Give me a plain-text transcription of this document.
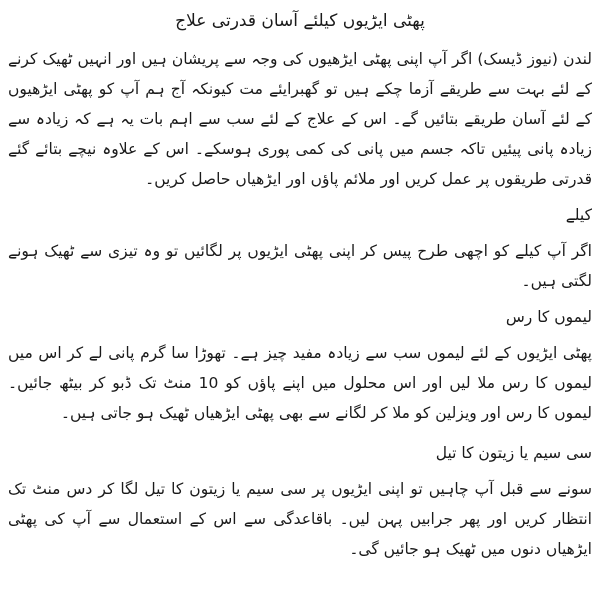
پھٹی ایڑیوں کیلئے آسان قدرتی علاج

لندن (نیوز ڈیسک) اگر آپ اپنی پھٹی ایڑھیوں کی وجہ سے پریشان ہیں اور انہیں ٹھیک کرنے کے لئے بہت سے طریقے آزما چکے ہیں تو گھبرایئے مت کیونکہ آج ہم آپ کو پھٹی ایڑھیوں کے لئے آسان طریقے بتائیں گے۔ اس کے علاج کے لئے سب سے اہم بات یہ ہے کہ زیادہ سے زیادہ پانی پیئیں تاکہ جسم میں پانی کی کمی پوری ہوسکے۔ اس کے علاوہ نیچے بتائے گئے قدرتی طریقوں پر عمل کریں اور ملائم پاؤں اور ایڑھیاں حاصل کریں۔

کیلے

اگر آپ کیلے کو اچھی طرح پیس کر اپنی پھٹی ایڑیوں پر لگائیں تو وہ تیزی سے ٹھیک ہونے لگتی ہیں۔

لیموں کا رس

پھٹی ایڑیوں کے لئے لیموں سب سے زیادہ مفید چیز ہے۔ تھوڑا سا گرم پانی لے کر اس میں لیموں کا رس ملا لیں اور اس محلول میں اپنے پاؤں کو 10 منٹ تک ڈبو کر بیٹھ جائیں۔ لیموں کا رس اور ویزلین کو ملا کر لگانے سے بھی پھٹی ایڑھیاں ٹھیک ہو جاتی ہیں۔

سی سیم یا زیتون کا تیل

سونے سے قبل آپ چاہیں تو اپنی ایڑیوں پر سی سیم یا زیتون کا تیل لگا کر دس منٹ تک انتظار کریں اور پھر جرابیں پہن لیں۔ باقاعدگی سے اس کے استعمال سے آپ کی پھٹی ایڑھیاں دنوں میں ٹھیک ہو جائیں گی۔
